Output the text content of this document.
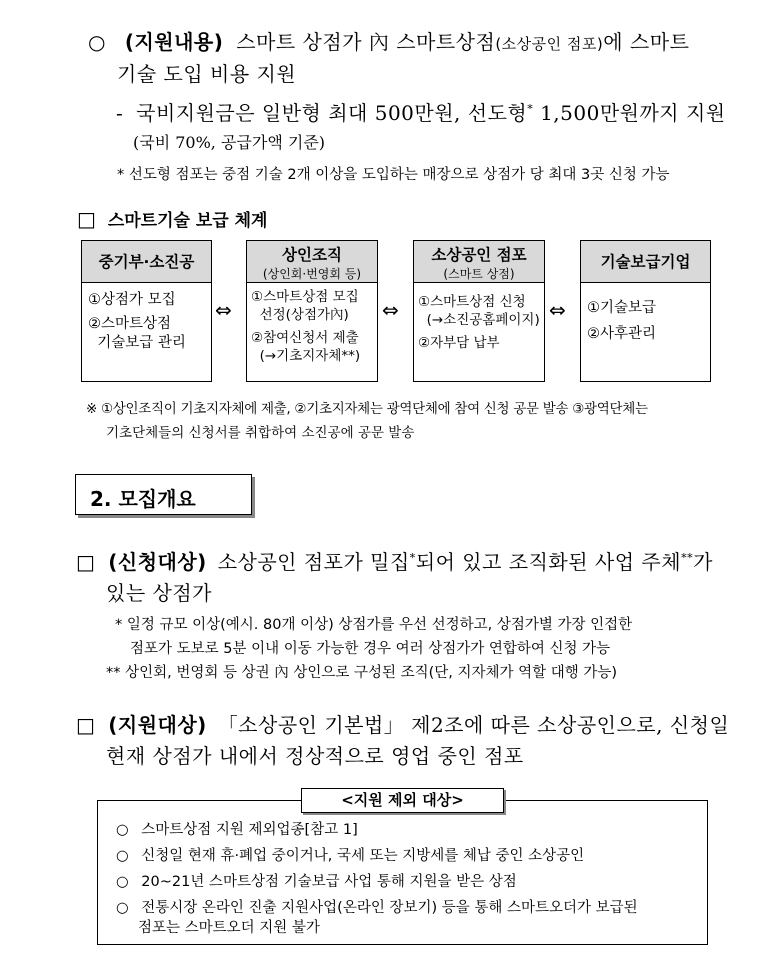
○ (지원내용) 스마트 상점가 內 스마트상점(소상공인 점포)에 스마트
기술 도입 비용 지원
- 국비지원금은 일반형 최대 500만원, 선도형* 1,500만원까지 지원
(국비 70%, 공급가액 기준)
* 선도형 점포는 중점 기술 2개 이상을 도입하는 매장으로 상점가 당 최대 3곳 신청 가능
□ 스마트기술 보급 체계
중기부·소진공
①상점가 모집
②스마트상점
기술보급 관리
⇔
상인조직
(상인회·번영회 등)
①스마트상점 모집
선정(상점가內)
②참여신청서 제출
(→기초지자체**)
⇔
소상공인 점포
(스마트 상점)
①스마트상점 신청
(→소진공홈페이지)
②자부담 납부
⇔
기술보급기업
①기술보급
②사후관리
※ ①상인조직이 기초지자체에 제출, ②기초지자체는 광역단체에 참여 신청 공문 발송 ③광역단체는
기초단체들의 신청서를 취합하여 소진공에 공문 발송
2. 모집개요
□ (신청대상) 소상공인 점포가 밀집*되어 있고 조직화된 사업 주체**가
있는 상점가
* 일정 규모 이상(예시. 80개 이상) 상점가를 우선 선정하고, 상점가별 가장 인접한
점포가 도보로 5분 이내 이동 가능한 경우 여러 상점가가 연합하여 신청 가능
** 상인회, 번영회 등 상권 內 상인으로 구성된 조직(단, 지자체가 역할 대행 가능)
□ (지원대상) 「소상공인 기본법」 제2조에 따른 소상공인으로, 신청일
현재 상점가 내에서 정상적으로 영업 중인 점포
<지원 제외 대상>
○ 스마트상점 지원 제외업종[참고 1]
○ 신청일 현재 휴·폐업 중이거나, 국세 또는 지방세를 체납 중인 소상공인
○ 20~21년 스마트상점 기술보급 사업 통해 지원을 받은 상점
○ 전통시장 온라인 진출 지원사업(온라인 장보기) 등을 통해 스마트오더가 보급된
점포는 스마트오더 지원 불가
